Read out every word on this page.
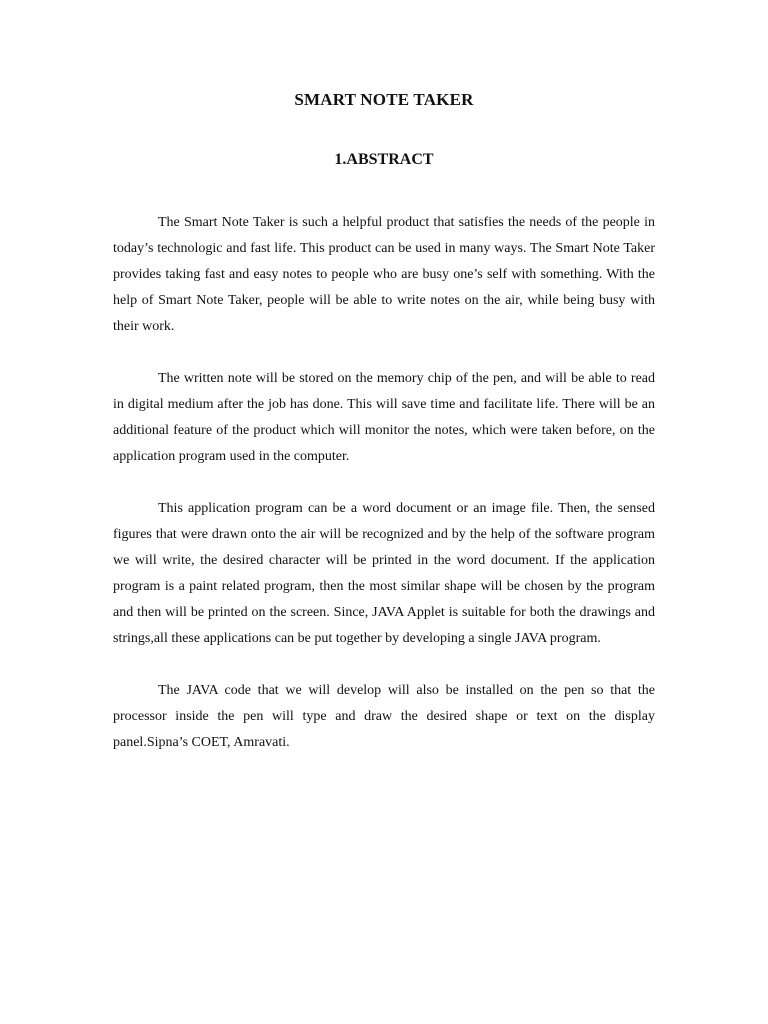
SMART NOTE TAKER
1.ABSTRACT

The Smart Note Taker is such a helpful product that satisfies the needs of the people in today’s technologic and fast life. This product can be used in many ways. The Smart Note Taker provides taking fast and easy notes to people who are busy one’s self with something. With the help of Smart Note Taker, people will be able to write notes on the air, while being busy with their work.

The written note will be stored on the memory chip of the pen, and will be able to read in digital medium after the job has done. This will save time and facilitate life. There will be an additional feature of the product which will monitor the notes, which were taken before, on the application program used in the computer.

This application program can be a word document or an image file. Then, the sensed figures that were drawn onto the air will be recognized and by the help of the software program we will write, the desired character will be printed in the word document. If the application program is a paint related program, then the most similar shape will be chosen by the program and then will be printed on the screen. Since, JAVA Applet is suitable for both the drawings and strings,all these applications can be put together by developing a single JAVA program.

The JAVA code that we will develop will also be installed on the pen so that the processor inside the pen will type and draw the desired shape or text on the display panel.Sipna’s COET, Amravati.
